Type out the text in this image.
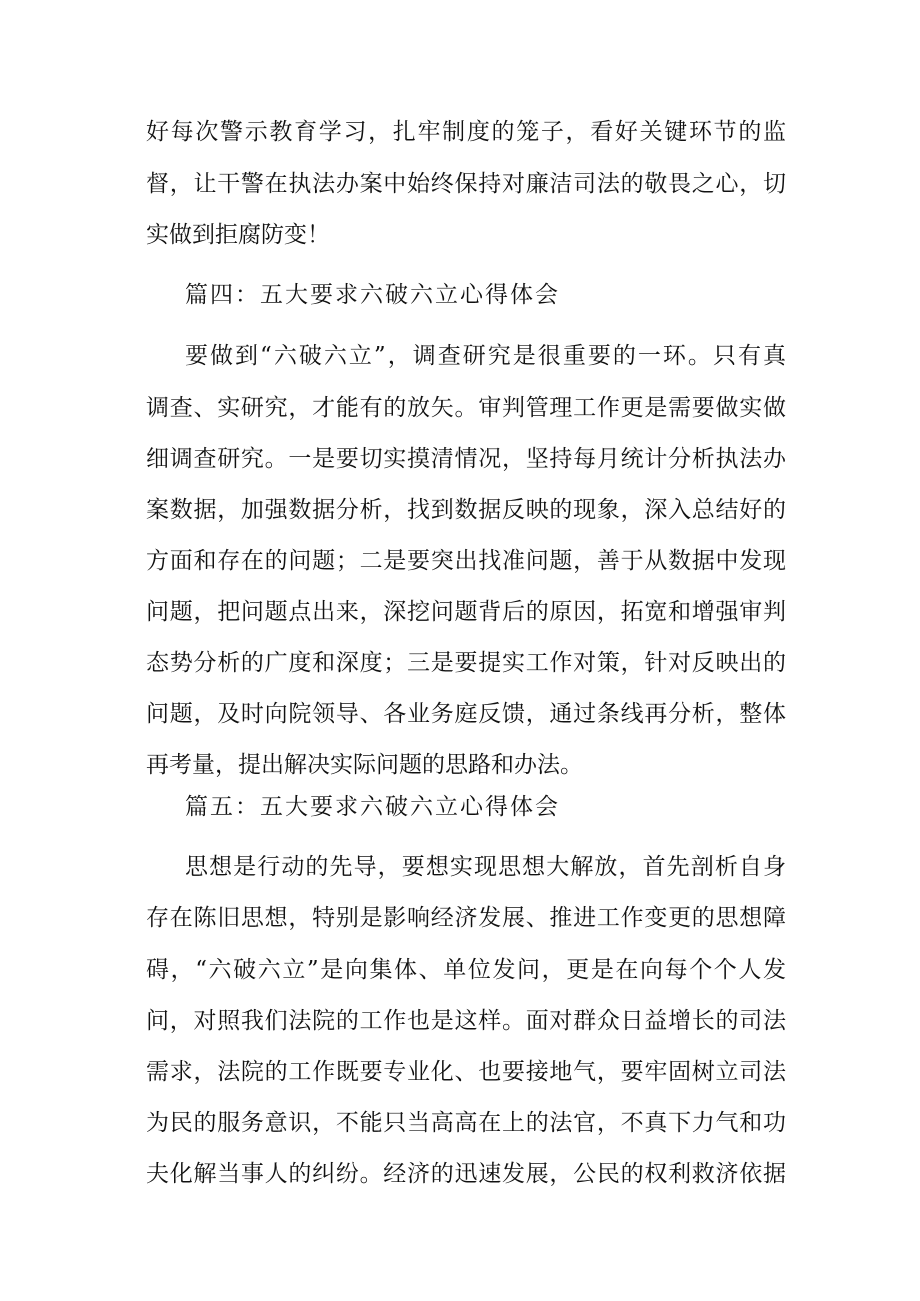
好每次警示教育学习，扎牢制度的笼子，看好关键环节的监
督，让干警在执法办案中始终保持对廉洁司法的敬畏之心，切
实做到拒腐防变！
篇四：五大要求六破六立心得体会
要做到“六破六立”，调查研究是很重要的一环。只有真
调查、实研究，才能有的放矢。审判管理工作更是需要做实做
细调查研究。一是要切实摸清情况，坚持每月统计分析执法办
案数据，加强数据分析，找到数据反映的现象，深入总结好的
方面和存在的问题；二是要突出找准问题，善于从数据中发现
问题，把问题点出来，深挖问题背后的原因，拓宽和增强审判
态势分析的广度和深度；三是要提实工作对策，针对反映出的
问题，及时向院领导、各业务庭反馈，通过条线再分析，整体
再考量，提出解决实际问题的思路和办法。
篇五：五大要求六破六立心得体会
思想是行动的先导，要想实现思想大解放，首先剖析自身
存在陈旧思想，特别是影响经济发展、推进工作变更的思想障
碍，“六破六立”是向集体、单位发问，更是在向每个个人发
问，对照我们法院的工作也是这样。面对群众日益增长的司法
需求，法院的工作既要专业化、也要接地气，要牢固树立司法
为民的服务意识，不能只当高高在上的法官，不真下力气和功
夫化解当事人的纠纷。经济的迅速发展，公民的权利救济依据
